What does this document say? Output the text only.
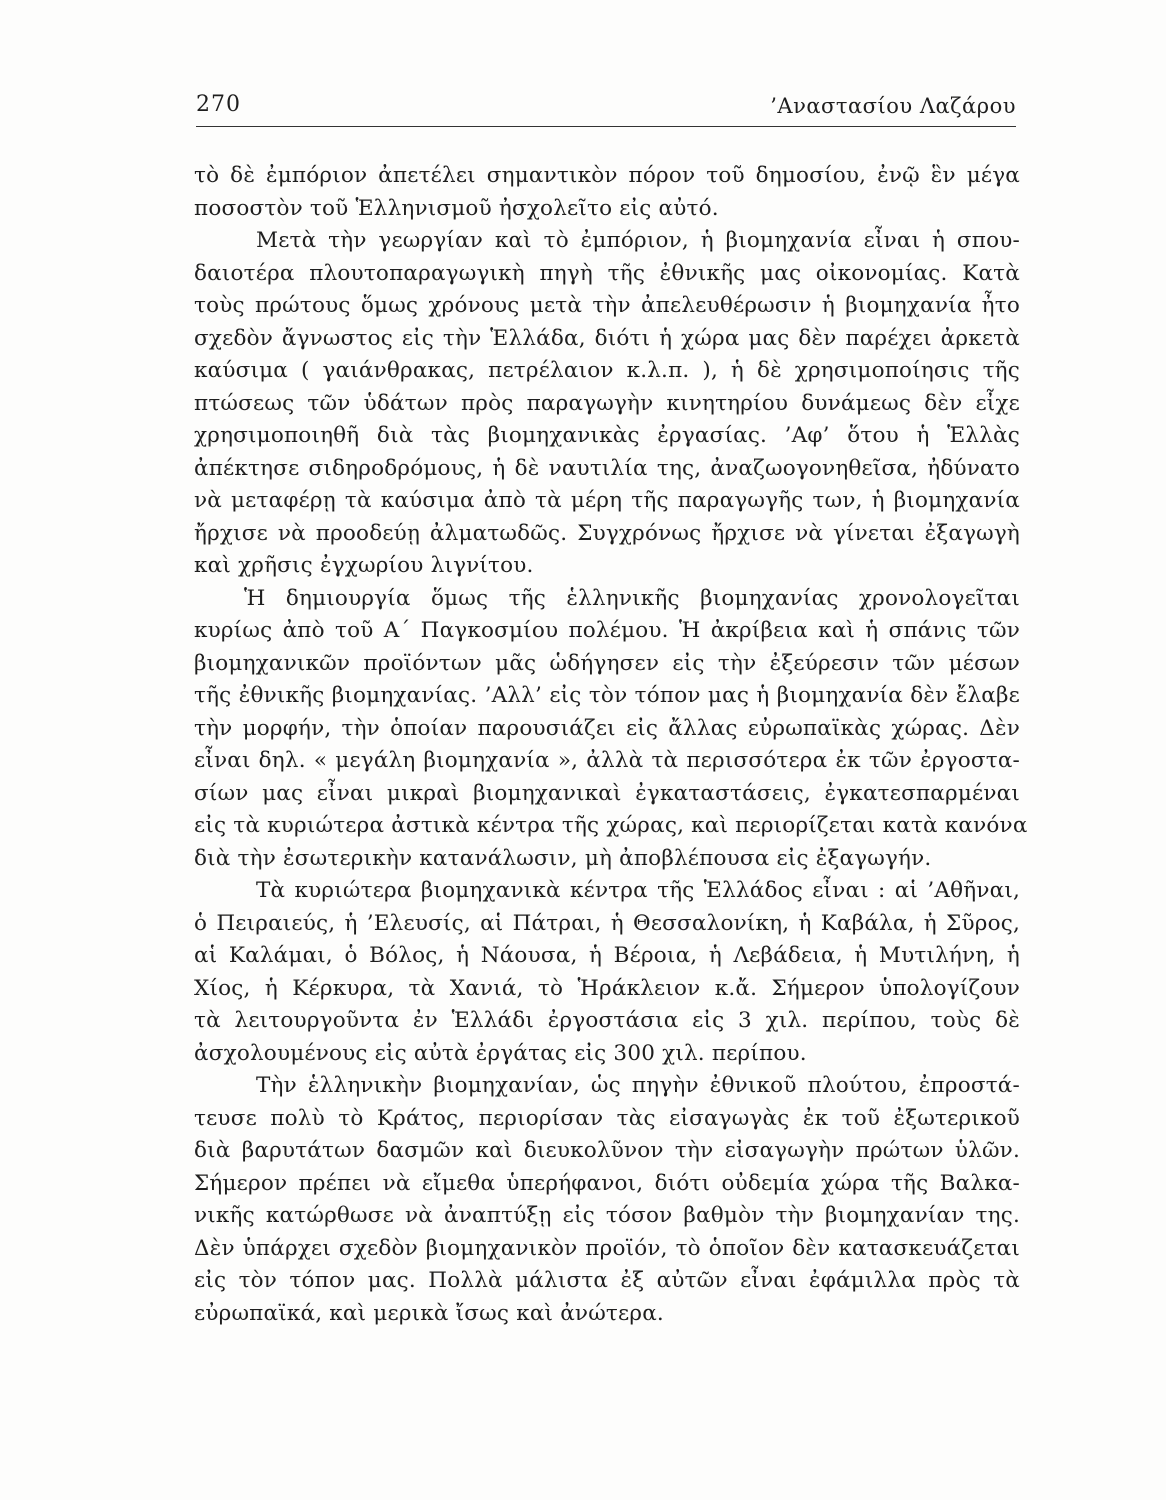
270	’Αναστασίου Λαζάρου
τὸ δὲ ἐμπόριον ἀπετέλει σημαντικὸν πόρον τοῦ δημοσίου, ἐνῷ ἓν μέγα
ποσοστὸν τοῦ Ἑλληνισμοῦ ἠσχολεῖτο εἰς αὐτό.
Μετὰ τὴν γεωργίαν καὶ τὸ ἐμπόριον, ἡ βιομηχανία εἶναι ἡ σπου-
δαιοτέρα πλουτοπαραγωγικὴ πηγὴ τῆς ἐθνικῆς μας οἰκονομίας. Κατὰ
τοὺς πρώτους ὅμως χρόνους μετὰ τὴν ἀπελευθέρωσιν ἡ βιομηχανία ἦτο
σχεδὸν ἄγνωστος εἰς τὴν Ἑλλάδα, διότι ἡ χώρα μας δὲν παρέχει ἀρκετὰ
καύσιμα ( γαιάνθρακας, πετρέλαιον κ.λ.π. ), ἡ δὲ χρησιμοποίησις τῆς
πτώσεως τῶν ὑδάτων πρὸς παραγωγὴν κινητηρίου δυνάμεως δὲν εἶχε
χρησιμοποιηθῆ διὰ τὰς βιομηχανικὰς ἐργασίας. ’Αφ’ ὅτου ἡ Ἑλλὰς
ἀπέκτησε σιδηροδρόμους, ἡ δὲ ναυτιλία της, ἀναζωογονηθεῖσα, ἠδύνατο
νὰ μεταφέρῃ τὰ καύσιμα ἀπὸ τὰ μέρη τῆς παραγωγῆς των, ἡ βιομηχανία
ἤρχισε νὰ προοδεύῃ ἀλματωδῶς. Συγχρόνως ἤρχισε νὰ γίνεται ἐξαγωγὴ
καὶ χρῆσις ἐγχωρίου λιγνίτου.
Ἡ δημιουργία ὅμως τῆς ἑλληνικῆς βιομηχανίας χρονολογεῖται
κυρίως ἀπὸ τοῦ Α΄ Παγκοσμίου πολέμου. Ἡ ἀκρίβεια καὶ ἡ σπάνις τῶν
βιομηχανικῶν προϊόντων μᾶς ὡδήγησεν εἰς τὴν ἐξεύρεσιν τῶν μέσων
τῆς ἐθνικῆς βιομηχανίας. ’Αλλ’ εἰς τὸν τόπον μας ἡ βιομηχανία δὲν ἔλαβε
τὴν μορφήν, τὴν ὁποίαν παρουσιάζει εἰς ἄλλας εὐρωπαϊκὰς χώρας. Δὲν
εἶναι δηλ. « μεγάλη βιομηχανία », ἀλλὰ τὰ περισσότερα ἐκ τῶν ἐργοστα-
σίων μας εἶναι μικραὶ βιομηχανικαὶ ἐγκαταστάσεις, ἐγκατεσπαρμέναι
εἰς τὰ κυριώτερα ἀστικὰ κέντρα τῆς χώρας, καὶ περιορίζεται κατὰ κανόνα
διὰ τὴν ἐσωτερικὴν κατανάλωσιν, μὴ ἀποβλέπουσα εἰς ἐξαγωγήν.
Τὰ κυριώτερα βιομηχανικὰ κέντρα τῆς Ἑλλάδος εἶναι : αἱ ’Αθῆναι,
ὁ Πειραιεύς, ἡ ’Ελευσίς, αἱ Πάτραι, ἡ Θεσσαλονίκη, ἡ Καβάλα, ἡ Σῦρος,
αἱ Καλάμαι, ὁ Βόλος, ἡ Νάουσα, ἡ Βέροια, ἡ Λεβάδεια, ἡ Μυτιλήνη, ἡ
Χίος, ἡ Κέρκυρα, τὰ Χανιά, τὸ Ἡράκλειον κ.ἄ. Σήμερον ὑπολογίζουν
τὰ λειτουργοῦντα ἐν Ἑλλάδι ἐργοστάσια εἰς 3 χιλ. περίπου, τοὺς δὲ
ἀσχολουμένους εἰς αὐτὰ ἐργάτας εἰς 300 χιλ. περίπου.
Τὴν ἑλληνικὴν βιομηχανίαν, ὡς πηγὴν ἐθνικοῦ πλούτου, ἐπροστά-
τευσε πολὺ τὸ Κράτος, περιορίσαν τὰς εἰσαγωγὰς ἐκ τοῦ ἐξωτερικοῦ
διὰ βαρυτάτων δασμῶν καὶ διευκολῦνον τὴν εἰσαγωγὴν πρώτων ὑλῶν.
Σήμερον πρέπει νὰ εἴμεθα ὑπερήφανοι, διότι οὐδεμία χώρα τῆς Βαλκα-
νικῆς κατώρθωσε νὰ ἀναπτύξῃ εἰς τόσον βαθμὸν τὴν βιομηχανίαν της.
Δὲν ὑπάρχει σχεδὸν βιομηχανικὸν προϊόν, τὸ ὁποῖον δὲν κατασκευάζεται
εἰς τὸν τόπον μας. Πολλὰ μάλιστα ἐξ αὐτῶν εἶναι ἐφάμιλλα πρὸς τὰ
εὐρωπαϊκά, καὶ μερικὰ ἴσως καὶ ἀνώτερα.
